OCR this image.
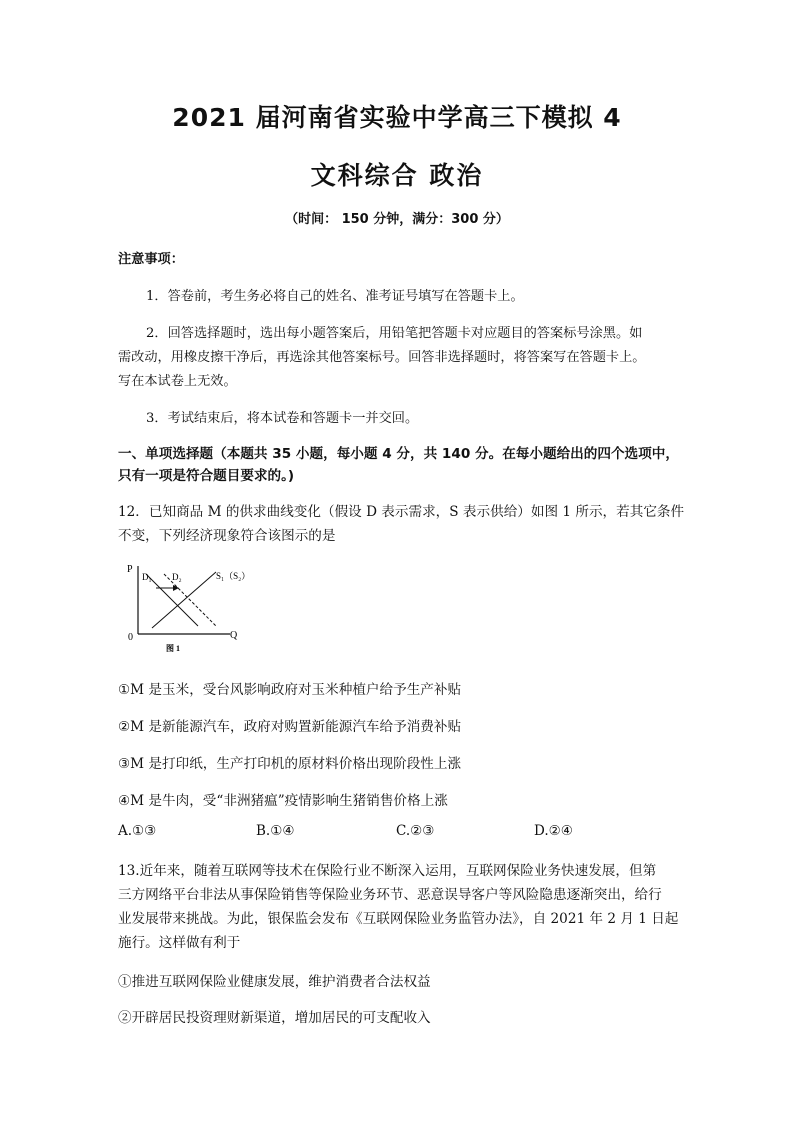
2021 届河南省实验中学高三下模拟 4
文科综合 政治
（时间： 150 分钟，满分：300 分）
注意事项：
1．答卷前，考生务必将自己的姓名、准考证号填写在答题卡上。
2．回答选择题时，选出每小题答案后，用铅笔把答题卡对应题目的答案标号涂黑。如
需改动，用橡皮擦干净后，再选涂其他答案标号。回答非选择题时，将答案写在答题卡上。
写在本试卷上无效。
3．考试结束后，将本试卷和答题卡一并交回。
一、单项选择题（本题共 35 小题，每小题 4 分，共 140 分。在每小题给出的四个选项中，
只有一项是符合题目要求的。)
12．已知商品 M 的供求曲线变化（假设 D 表示需求，S 表示供给）如图 1 所示，若其它条件
不变，下列经济现象符合该图示的是
P
Q
0
D₁ D₂	S₁（S₂）
图 1
①M 是玉米，受台风影响政府对玉米种植户给予生产补贴
②M 是新能源汽车，政府对购置新能源汽车给予消费补贴
③M 是打印纸，生产打印机的原材料价格出现阶段性上涨
④M 是牛肉，受“非洲猪瘟”疫情影响生猪销售价格上涨
A.①③	B.①④	C.②③	D.②④
13.近年来，随着互联网等技术在保险行业不断深入运用，互联网保险业务快速发展，但第
三方网络平台非法从事保险销售等保险业务环节、恶意误导客户等风险隐患逐渐突出，给行
业发展带来挑战。为此，银保监会发布《互联网保险业务监管办法》，自 2021 年 2 月 1 日起
施行。这样做有利于
①推进互联网保险业健康发展，维护消费者合法权益
②开辟居民投资理财新渠道，增加居民的可支配收入
